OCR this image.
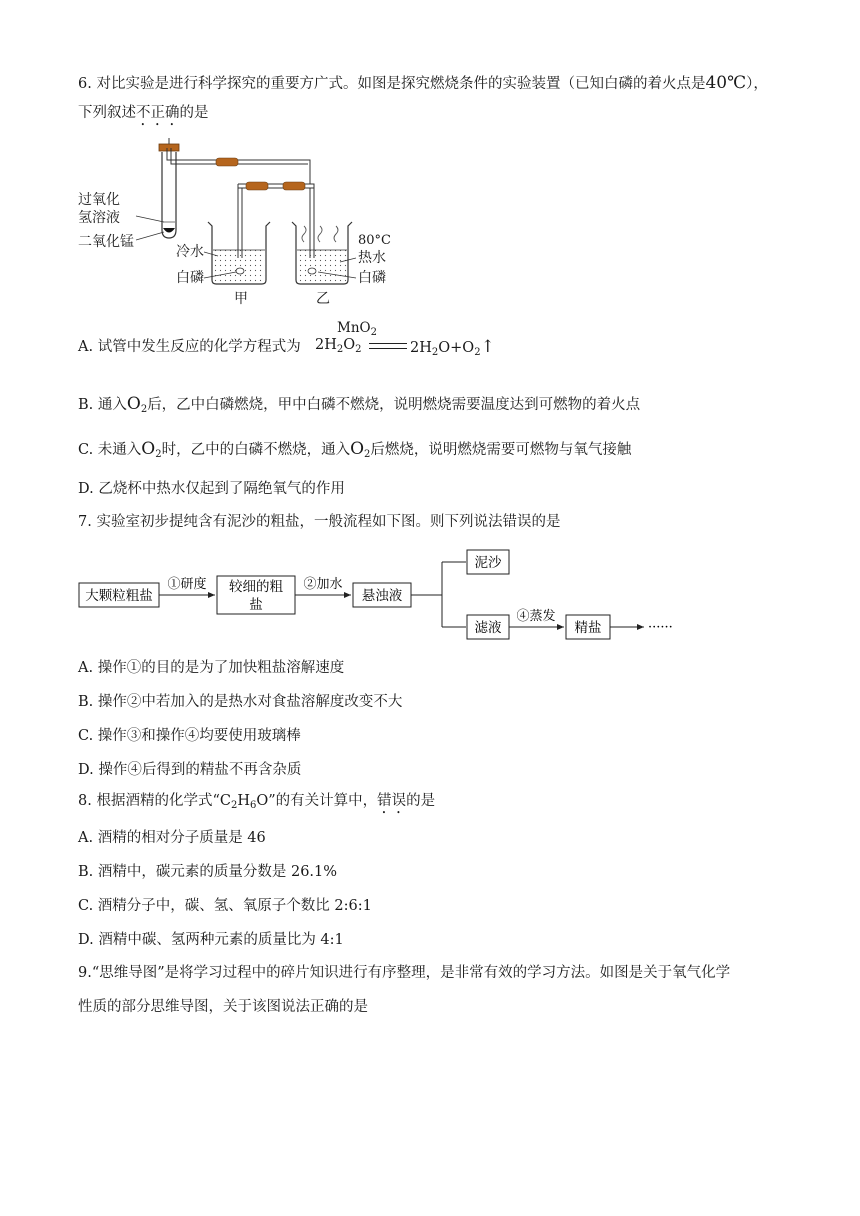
6. 对比实验是进行科学探究的重要方广式。如图是探究燃烧条件的实验装置（已知白磷的着火点是40℃），
下列叙述不正确的是
过氧化
氢溶液
二氧化锰
冷水
白磷
甲
80°C
热水
白磷
乙
A. 试管中发生反应的化学方程式为 $2H_2O_2$
MnO$_2$
$2H_2O+O_2↑$
B. 通入$O_2$后，乙中白磷燃烧，甲中白磷不燃烧，说明燃烧需要温度达到可燃物的着火点
C. 未通入$O_2$时，乙中的白磷不燃烧，通入$O_2$后燃烧，说明燃烧需要可燃物与氧气接触
D. 乙烧杯中热水仅起到了隔绝氧气的作用
7. 实验室初步提纯含有泥沙的粗盐，一般流程如下图。则下列说法错误的是
大颗粒粗盐
①研度 较细的粗
盐
②加水
悬浊液
泥沙
滤液
④蒸发
精盐	······
A. 操作①的目的是为了加快粗盐溶解速度
B. 操作②中若加入的是热水对食盐溶解度改变不大
C. 操作③和操作④均要使用玻璃棒
D. 操作④后得到的精盐不再含杂质
8. 根据酒精的化学式“$C_2H_6O$”的有关计算中，错误的是
A. 酒精的相对分子质量是 46
B. 酒精中，碳元素的质量分数是 26.1%
C. 酒精分子中，碳、氢、氧原子个数比 2:6:1
D. 酒精中碳、氢两种元素的质量比为 4:1
9.“思维导图”是将学习过程中的碎片知识进行有序整理，是非常有效的学习方法。如图是关于氧气化学
性质的部分思维导图，关于该图说法正确的是
